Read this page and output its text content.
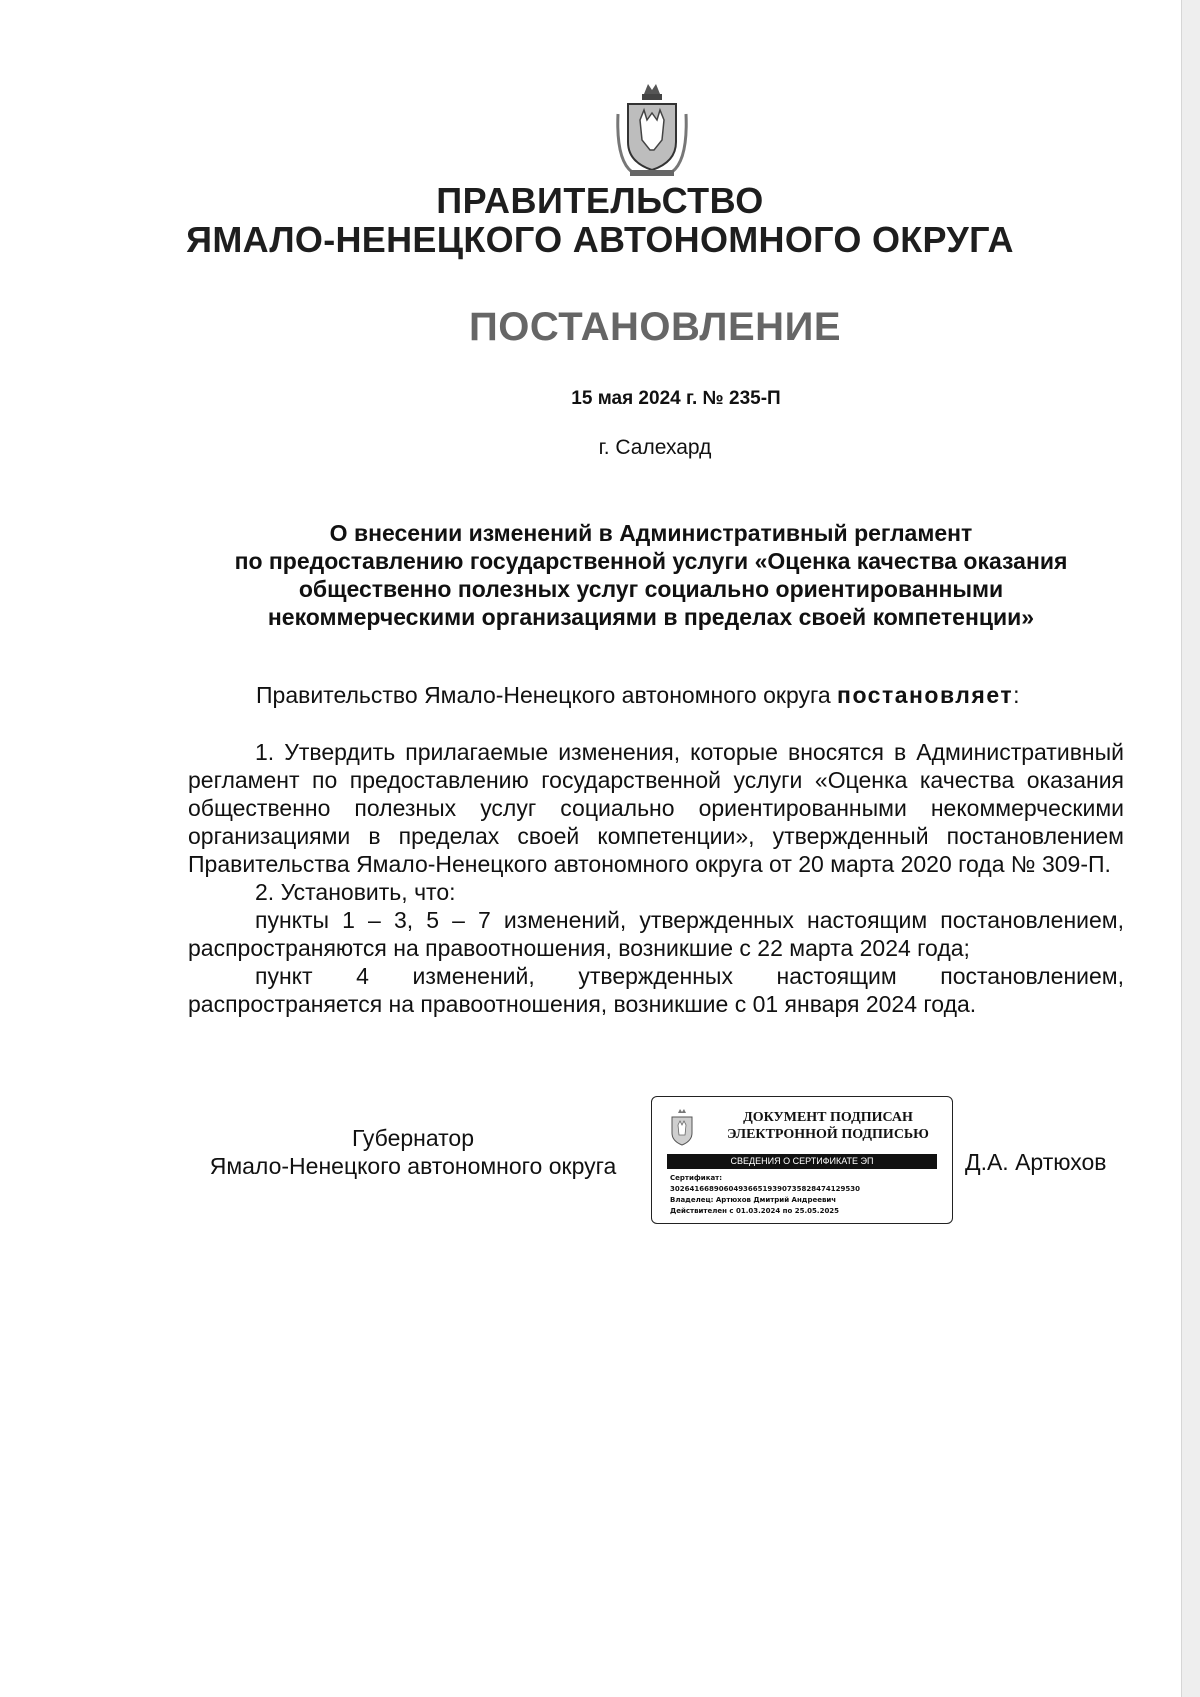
ПРАВИТЕЛЬСТВО
ЯМАЛО-НЕНЕЦКОГО АВТОНОМНОГО ОКРУГА
ПОСТАНОВЛЕНИЕ
15 мая 2024 г. № 235-П
г. Салехард
О внесении изменений в Административный регламент
по предоставлению государственной услуги «Оценка качества оказания
общественно полезных услуг социально ориентированными
некоммерческими организациями в пределах своей компетенции»
Правительство Ямало-Ненецкого автономного округа постановляет:

1. Утвердить прилагаемые изменения, которые вносятся в Административный регламент по предоставлению государственной услуги «Оценка качества оказания общественно полезных услуг социально ориентированными некоммерческими организациями в пределах своей компетенции», утвержденный постановлением Правительства Ямало-Ненецкого автономного округа от 20 марта 2020 года № 309-П.

2. Установить, что:

пункты 1 – 3, 5 – 7 изменений, утвержденных настоящим постановлением, распространяются на правоотношения, возникшие с 22 марта 2024 года;

пункт 4 изменений, утвержденных настоящим постановлением, распространяется на правоотношения, возникшие с 01 января 2024 года.

Губернатор
Ямало-Ненецкого автономного округа
ДОКУМЕНТ ПОДПИСАН
ЭЛЕКТРОННОЙ ПОДПИСЬЮ
СВЕДЕНИЯ О СЕРТИФИКАТЕ ЭП
Сертификат:
302641668906049366519390735828474129530
Владелец: Артюхов Дмитрий Андреевич
Действителен с 01.03.2024 по 25.05.2025
Д.А. Артюхов
